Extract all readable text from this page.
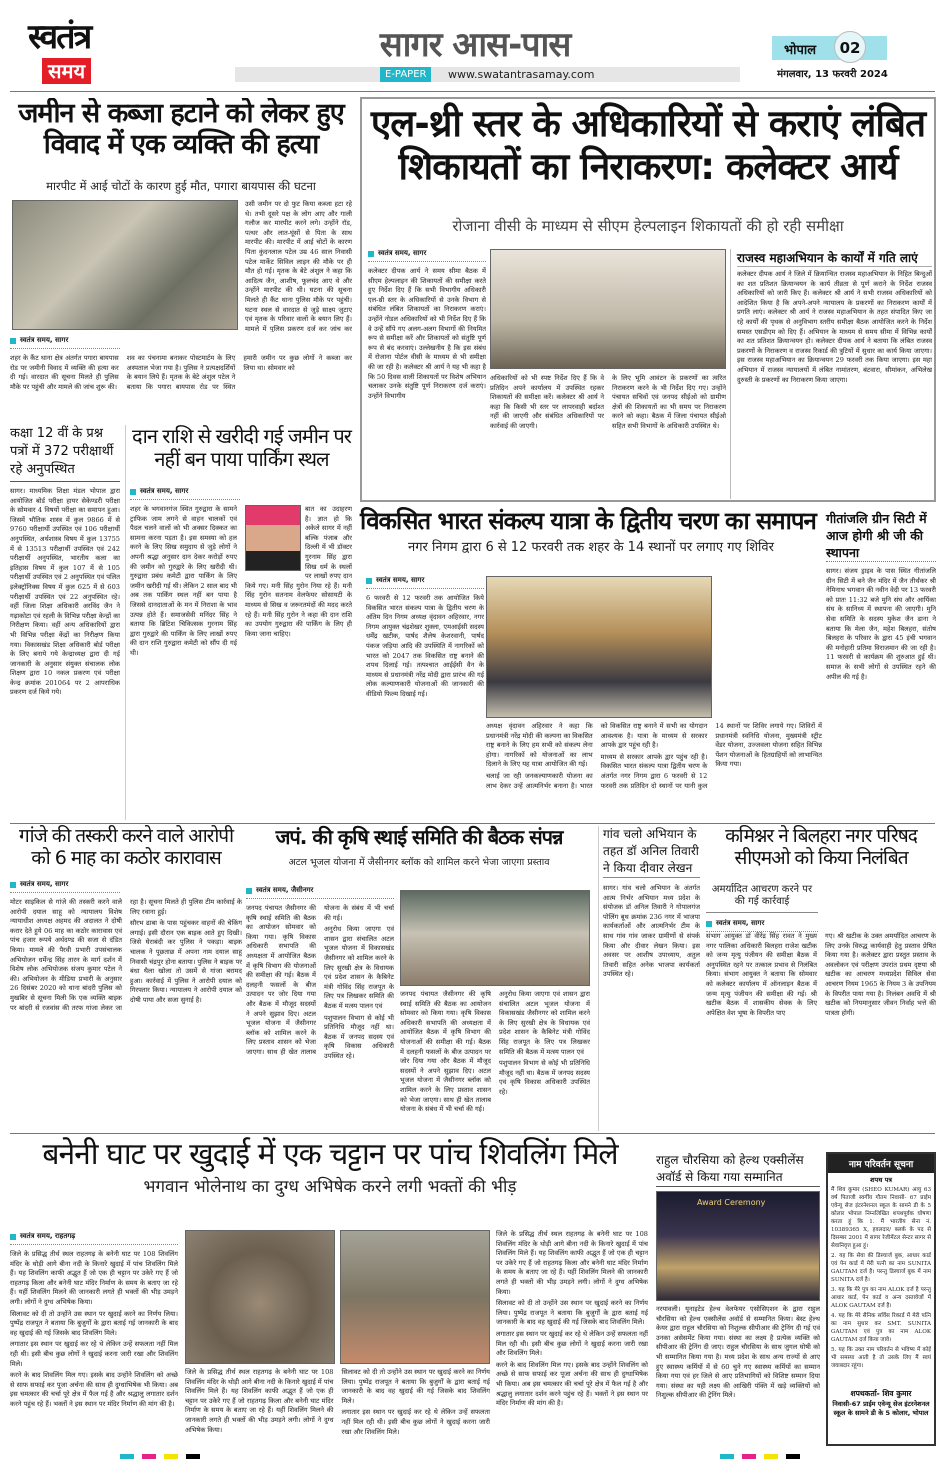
स्वतंत्र
समय
सागर आस-पास
E-PAPER	www.swatantrasamay.com
भोपाल	02
मंगलवार, 13 फरवरी 2024
जमीन से कब्जा हटाने को लेकर हुए विवाद में एक व्यक्ति की हत्या
मारपीट में आई चोटों के कारण हुई मौत, पगारा बायपास की घटना

उसी जमीन पर दो फुट किया कब्जा हटा रहे थे। तभी दूसरे पक्ष के लोग आए और गाली गलौज कर मारपीट करने लगे। उन्होंने रॉड, पत्थर और लात-घूंसों से पिता के साथ मारपीट की। मारपीट में आई चोटों के कारण पिता कुंदनलाल पटेल उम्र 46 साल निवासी पटेल मार्केट सिविल लाइन की मौके पर ही मौत हो गई। मृतक के बेटे अंशुल ने कहा कि आदित्य जैन, आशीष, फूलचंद आए थे और उन्होंने मारपीट की थी। घटना की सूचना मिलते ही कैंट थाना पुलिस मौके पर पहुंची। घटना स्थल से वारदात से जुड़े साक्ष्य जुटाए एवं मृतक के परिवार वालों के बयान लिए हैं। मामले में पुलिस प्रकरण दर्ज कर जांच कर

स्वतंत्र समय, सागर

शहर के कैंट थाना क्षेत्र अंतर्गत पगारा बायपास रोड पर जमीनी विवाद में व्यक्ति की हत्या कर दी गई। वारदात की सूचना मिलते ही पुलिस मौके पर पहुंची और मामले की जांच शुरू की।

शव का पंचनामा बनाकर पोस्टमार्टम के लिए अस्पताल भेजा गया है। पुलिस ने प्रत्यक्षदर्शियों के बयान लिये हैं। मृतक के बेटे अंशुल पटेल ने बताया कि पगारा बायपास रोड पर स्थित हमारी जमीन पर कुछ लोगों ने कब्जा कर लिया था। सोमवार को

एल-थ्री स्तर के अधिकारियों से कराएं लंबित शिकायतों का निराकरण: कलेक्टर आर्य
रोजाना वीसी के माध्यम से सीएम हेल्पलाइन शिकायतों की हो रही समीक्षा
स्वतंत्र समय, सागर

कलेक्टर दीपक आर्य ने समय सीमा बैठक में सीएम हेल्पलाइन की शिकायतों की समीक्षा करते हुए निर्देश दिए हैं कि सभी विभागीय अधिकारी एल-थ्री स्तर के अधिकारियों से उनके विभाग से संबंधित लंबित शिकायतों का निराकरण कराएं। उन्होंने नोडल अधिकारियों को भी निर्देश दिए हैं कि वे उन्हें सौंपे गए अलग-अलग विभागों की नियमित रूप से समीक्षा करें और शिकायतों को संतुष्टि पूर्ण रूप से बंद करवाएं। उल्लेखनीय है कि इस संबंध में रोजाना पोर्टल वीसी के माध्यम से भी समीक्षा की जा रही है। कलेक्टर श्री आर्य ने यह भी कहा है कि 50 दिवस वाली शिकायतों पर विशेष अभियान चलाकर उनके संतुष्टि पूर्ण निराकरण दर्ज कराएं। उन्होंने विभागीय

अधिकारियों को भी स्पष्ट निर्देश दिए हैं कि वे प्रतिदिन अपने कार्यालय में उपस्थित रहकर शिकायतों की समीक्षा करें। कलेक्टर श्री आर्य ने कहा कि किसी भी स्तर पर लापरवाही बर्दाश्त नहीं की जाएगी और संबंधित अधिकारियों पर कार्रवाई की जाएगी।

के लिए भूमि आवंटन के प्रकरणों का त्वरित निराकरण करने के भी निर्देश दिए गए। उन्होंने पंचायत सचिवों एवं जनपद सीईओ को ग्रामीण क्षेत्रों की शिकायतों का भी समय पर निराकरण करने को कहा। बैठक में जिला पंचायत सीईओ सहित सभी विभागों के अधिकारी उपस्थित थे।

राजस्व महाअभियान के कार्यों में गति लाएं

कलेक्टर दीपक आर्य ने जिले में क्रियान्वित राजस्व महाअभियान के निहित बिन्दुओं का शत प्रतिशत क्रियान्वयन के कार्य तीव्रता से पूर्ण कराने के निर्देश राजस्व अधिकारियों को जारी किए हैं। कलेक्टर श्री आर्य ने सभी राजस्व अधिकारियों को आदेशित किया है कि अपने-अपने न्यायालय के प्रकरणों का निराकरण कार्यों में प्रगति लाएं। कलेक्टर श्री आर्य ने राजस्व महाअभियान के तहत संपादित किए जा रहे कार्यों की पृथक से अनुविभाग स्तरीय समीक्षा बैठक आयोजित करने के निर्देश समस्त एसडीएम को दिए हैं। अभियान के माध्यम से समय सीमा में विभिन्न कार्यों का शत प्रतिशत क्रियान्वयन हो। कलेक्टर दीपक आर्य ने बताया कि लंबित राजस्व प्रकरणों के निराकरण व राजस्व रिकार्ड की त्रुटियों में सुधार का कार्य किया जाएगा। इस राजस्व महाअभियान का क्रियान्वयन 29 फरवरी तक किया जाएगा। इस महा अभियान में राजस्व न्यायालयों में लंबित नामांतरण, बंटवारा, सीमांकन, अभिलेख दुरुस्ती के प्रकरणों का निराकरण किया जाएगा।

कक्षा 12 वीं के प्रश्न पत्रों में 372 परीक्षार्थी रहे अनुपस्थित

सागर। माध्यमिक शिक्षा मंडल भोपाल द्वारा आयोजित बोर्ड परीक्षा हायर सेकेण्डरी परीक्षा के सोमवार 4 विषयों परीक्षा का समापन हुआ। जिसमें भौतिक शास्त्र में कुल 9866 में से 9760 परीक्षार्थी उपस्थित एवं 106 परीक्षार्थी अनुपस्थित, अर्थशास्त्र विषय में कुल 13755 में से 13513 परीक्षार्थी उपस्थित एवं 242 परीक्षार्थी अनुपस्थित, भारतीय कला का इतिहास विषय में कुल 107 में से 105 परीक्षार्थी उपस्थित एवं 2 अनुपस्थित एवं पलित इलेक्ट्रॉनिक्स विषय में कुल 625 में से 603 परीक्षार्थी उपस्थित एवं 22 अनुपस्थित रहे। वहीं जिला शिक्षा अधिकारी अरविंद जैन ने गढ़ाकोटा एवं रहली के विभिन्न परीक्षा केन्द्रों का निरीक्षण किया। वहीं अन्य अधिकारियों द्वारा भी विभिन्न परीक्षा केंद्रों का निरीक्षण किया गया। विकासखंड शिक्षा अधिकारी बोर्ड परीक्षा के लिए बनाये गये केन्द्राध्यक्ष द्वारा दी गई जानकारी के अनुसार संयुक्त संचालक लोक शिक्षण द्वारा 10 नकल प्रकरण एवं परीक्षा केन्द्र क्रमांक 201064 पर 2 आपराधिक प्रकरण दर्ज किये गये।

दान राशि से खरीदी गई जमीन पर नहीं बन पाया पार्किंग स्थल
स्वतंत्र समय, सागर

शहर के भगवानगंज स्थित गुरुद्वारा के सामने ट्राफिक जाम लगने से वाहन चालकों एवं पैदल चलने वालों को भी अक्सर दिक्कत का सामना करना पड़ता है। इस समस्या को हल करने के लिए सिख समुदाय से जुड़े लोगों ने अपनी श्रद्धा अनुसार दान देकर करोड़ों रुपए की जमीन को गुरुद्वारे के लिए खरीदी थी। गुरुद्वारा प्रबंध कमेटी द्वारा पार्किंग के लिए जमीन खरीदी गई थी। लेकिन 2 साल बाद भी अब तक पार्किंग स्थल नहीं बन पाया है जिससे दानदाताओं के मन में निराशा के भाव उत्पन्न होते हैं। समाजसेवी मनिंदर सिंह ने बताया कि ब्रिटिश चिकित्सक गुरनाम सिंह द्वारा गुरुद्वारे की पार्किंग के लिए लाखों रुपए की दान राशि गुरुद्वारा कमेटी को सौंप दी गई थी।

बात का उदाहरण है। ज्ञात हो कि अकेले सागर में नहीं बल्कि पंजाब और दिल्ली में भी डॉक्टर गुरनाम सिंह द्वारा सिख धर्म के स्थलों पर लाखों रुपए दान किये गए। मनी सिंह गुरोन निया रहे हैं। मनी सिंह गुरोन सतनाम वेलफेयर सोसायटी के माध्यम से सिख व जरूरतमंदों की मदद करते रहे हैं। मनी सिंह गुरोन ने कहा की दान राशि का उपयोग गुरुद्वारा की पार्किंग के लिए ही किया जाना चाहिए।

विकसित भारत संकल्प यात्रा के द्वितीय चरण का समापन
नगर निगम द्वारा 6 से 12 फरवरी तक शहर के 14 स्थानों पर लगाए गए शिविर
स्वतंत्र समय, सागर

6 फरवरी से 12 फरवरी तक आयोजित किये विकसित भारत संकल्प यात्रा के द्वितीय चरण के अंतिम दिन निगम अध्यक्ष वृंदावन अहिरवार, नगर निगम आयुक्त चंद्रशेखर शुक्ला, एमआईसी सदस्य धर्मेंद्र खटीक, पार्षद शैलेष केशरवानी, पार्षद पंकज जड़िया आदि की उपस्थिति में नागरिकों को भारत को 2047 तक विकसित राष्ट्र बनाने की शपथ दिलाई गई। तत्पश्चात आईईसी वैन के माध्यम से प्रधानमंत्री नरेंद्र मोदी द्वारा प्रारंभ की गई लोक कल्याणकारी योजनाओं की जानकारी की वीडियो फिल्म दिखाई गई।

अध्यक्ष वृंदावन अहिरवार ने कहा कि प्रधानमंत्री नरेंद्र मोदी की कल्पना का विकसित राष्ट्र बनाने के लिए हम सभी को संकल्प लेना होगा। नागरिकों को योजनाओं का लाभ दिलाने के लिए यह यात्रा आयोजित की गई।

चलाई जा रही जनकल्याणकारी योजना का लाभ देकर उन्हें आत्मनिर्भर बनाना है। भारत को विकसित राष्ट्र बनाने में सभी का योगदान आवश्यक है। यात्रा के माध्यम से सरकार आपके द्वार पहुंच रही है।

माध्यम से सरकार आपके द्वार पहुंच रही है। विकसित भारत संकल्प यात्रा द्वितीय चरण के अंतर्गत नगर निगम द्वारा 6 फरवरी से 12 फरवरी तक प्रतिदिन दो स्थानों पर यानी कुल 14 स्थानों पर शिविर लगाये गए। शिविरों में प्रधानमंत्री स्वनिधि योजना, मुख्यमंत्री स्ट्रीट वेंडर योजना, उज्जवला योजना सहित विभिन्न पेंशन योजनाओं के हितग्राहियों को लाभान्वित किया गया।

गीतांजलि ग्रीन सिटी में आज होगी श्री जी की स्थापना

सागर। संजय ड्राइव के पास स्थित गीतांजलि ग्रीन सिटी में बने जैन मंदिर में जैन तीर्थंकर श्री नेमिनाथ भगवान की नवीन वेदी पर 13 फरवरी को प्रातः 11:32 बजे मुनि संघ और आर्यिका संघ के सानिध्य में स्थापना की जाएगी। मुनि सेवा समिति के सदस्य मुकेश जैन ढाना ने बताया कि मेला जैन, महेश बिलहरा, संतोष बिलहरा के परिवार के द्वारा 45 इंची भगवान की मनोहारी प्रतिमा विराजमान की जा रही है। 11 फरवरी से कार्यक्रम की शुरुआत हुई थी। समाज के सभी लोगों से उपस्थित रहने की अपील की गई है।

गांजे की तस्करी करने वाले आरोपी को 6 माह का कठोर कारावास
स्वतंत्र समय, सागर

मोटर साइकिल से गांजे की तस्करी करने वाले आरोपी दयाल साहू को न्यायालय विशेष न्यायाधीश अध्यक्ष अहमद की अदालत ने दोषी करार देते हुये 06 माह का कठोर कारावास एवं पांच हजार रूपये अर्थदण्ड की सजा से दंडित किया। मामले की पैरवी प्रभारी उपसंचालक अभियोजन धर्मेन्द्र सिंह तारन के मार्ग दर्शन में विशेष लोक अभियोजक संजय कुमार पटेल ने की। अभियोजन के मीडिया प्रभारी के अनुसार 26 दिसंबर 2020 को थाना बांदरी पुलिस को मुखबिर से सूचना मिली कि एक व्यक्ति बाइक पर बांदरी से रजवांस की तरफ गांजा लेकर जा रहा है। सूचना मिलते ही पुलिस टीम कार्रवाई के लिए रवाना हुई।

सौरभ ढाबा के पास पहुंचकर वाहनों की चेकिंग लगाई। इसी दौरान एक बाइक आते हुए दिखी। जिसे घेराबंदी कर पुलिस ने पकड़ा। बाइक चालक ने पूछताछ में अपना नाम दयाल साहू निवासी चंद्रपुर होना बताया। पुलिस ने बाइक पर बंधा थैला खोला तो उसमें से गांजा बरामद हुआ। कार्रवाई में पुलिस ने आरोपी दयाल को गिरफ्तार किया। न्यायालय ने आरोपी दयाल को दोषी पाया और सजा सुनाई है।

जपं. की कृषि स्थाई समिति की बैठक संपन्न
अटल भूजल योजना में जैसीनगर ब्लॉक को शामिल करने भेजा जाएगा प्रस्ताव
स्वतंत्र समय, जैसीनगर

जनपद पंचायत जैसीनगर की कृषि स्थाई समिति की बैठक का आयोजन सोमवार को किया गया। कृषि विकास अधिकारी सभापति की अध्यक्षता में आयोजित बैठक में कृषि विभाग की योजनाओं की समीक्षा की गई। बैठक में दलहनी फसलों के बीज उत्पादन पर जोर दिया गया और बैठक में मौजूद सदस्यों ने अपने सुझाव दिए। अटल भूजल योजना में जैसीनगर ब्लॉक को शामिल करने के लिए प्रस्ताव शासन को भेजा जाएगा। साथ ही खेत तालाब योजना के संबंध में भी चर्चा की गई।

अनुरोध किया जाएगा एवं शासन द्वारा संचालित अटल भूजल योजना में विकासखंड जैसीनगर को शामिल करने के लिए सुरखी क्षेत्र के विधायक एवं प्रदेश शासन के कैबिनेट मंत्री गोविंद सिंह राजपूत के लिए पत्र लिखकर समिति की बैठक में मत्स्य पालन एवं

पशुपालन विभाग से कोई भी प्रतिनिधि मौजूद नहीं था। बैठक में जनपद सदस्य एवं कृषि विकास अधिकारी उपस्थित रहे।

जनपद पंचायत जैसीनगर की कृषि स्थाई समिति की बैठक का आयोजन सोमवार को किया गया। कृषि विकास अधिकारी सभापति की अध्यक्षता में आयोजित बैठक में कृषि विभाग की योजनाओं की समीक्षा की गई। बैठक में दलहनी फसलों के बीज उत्पादन पर जोर दिया गया और बैठक में मौजूद सदस्यों ने अपने सुझाव दिए। अटल भूजल योजना में जैसीनगर ब्लॉक को शामिल करने के लिए प्रस्ताव शासन को भेजा जाएगा। साथ ही खेत तालाब योजना के संबंध में भी चर्चा की गई।

अनुरोध किया जाएगा एवं शासन द्वारा संचालित अटल भूजल योजना में विकासखंड जैसीनगर को शामिल करने के लिए सुरखी क्षेत्र के विधायक एवं प्रदेश शासन के कैबिनेट मंत्री गोविंद सिंह राजपूत के लिए पत्र लिखकर समिति की बैठक में मत्स्य पालन एवं

पशुपालन विभाग से कोई भी प्रतिनिधि मौजूद नहीं था। बैठक में जनपद सदस्य एवं कृषि विकास अधिकारी उपस्थित रहे।

गांव चलो अभियान के तहत डॉ अनिल तिवारी ने किया दीवार लेखन

सागर। गांव चलो अभियान के अंतर्गत आत्म निर्भर अभियान मध्य प्रदेश के संयोजक डॉ अनिल तिवारी ने गोपालगंज पोलिंग बूथ क्रमांक 236 नगर में भाजपा कार्यकर्ताओं और आत्मनिर्भर टीम के साथ गांव गांव जाकर ग्रामीणों से संपर्क किया और दीवार लेखन किया। इस अवसर पर आशीष उपाध्याय, अतुल तिवारी सहित अनेक भाजपा कार्यकर्ता उपस्थित रहे।

कमिश्नर ने बिलहरा नगर परिषद सीएमओ को किया निलंबित
अमर्यादित आचरण करने पर की गई कार्रवाई
स्वतंत्र समय, सागर

संभाग आयुक्त डॉ वीरेंद्र सिंह रावत ने मुख्य नगर पालिका अधिकारी बिलहरा राजेश खटीक को जन्म मृत्यु पंजीयन की समीक्षा बैठक में अनुपस्थित रहने पर तत्काल प्रभाव से निलंबित किया। संभाग आयुक्त ने बताया कि सोमवार को कलेक्टर कार्यालय में ऑनलाइन बैठक में जन्म मृत्यु पंजीयन की समीक्षा की गई। श्री खटीक बैठक में शासकीय सेवक के लिए अपेक्षित वेश भूषा के विपरीत पाए

गए। श्री खटीक के उक्त अमर्यादित आचरण के लिए उनके विरुद्ध कार्यवाही हेतु प्रस्ताव प्रेषित किया गया है। कलेक्टर द्वारा प्रस्तुत प्रस्ताव के अवलोकन एवं परीक्षण उपरांत प्रथम दृष्टया श्री खटीक का आचरण मध्यप्रदेश सिविल सेवा आचरण नियम 1965 के नियम 3 के उपनियम के विपरीत पाया गया है। निलंबन अवधि में श्री खटीक को नियमानुसार जीवन निर्वाह भत्ते की पात्रता होगी।

बनेनी घाट पर खुदाई में एक चट्टान पर पांच शिवलिंग मिले
भगवान भोलेनाथ का दुग्ध अभिषेक करने लगी भक्तों की भीड़
स्वतंत्र समय, राहतगढ़

जिले के प्रसिद्ध तीर्थ स्थल राहतगढ़ के बनेनी घाट पर 108 शिवलिंग मंदिर के थोड़ी आगे बीना नदी के किनारे खुदाई में पांच शिवलिंग मिले हैं। यह शिवलिंग काफी अद्भुत हैं जो एक ही चट्टान पर उकेरे गए हैं जो राहतगढ़ किला और बनेनी घाट मंदिर निर्माण के समय के बताए जा रहे हैं। यहीं शिवलिंग मिलने की जानकारी लगते ही भक्तों की भीड़ उमड़ने लगी। लोगों ने दुग्ध अभिषेक किया।

सिलावट को दी तो उन्होंने उस स्थान पर खुदाई करने का निर्णय लिया। पुष्पेंद्र राजपूत ने बताया कि बुजुर्गों के द्वारा बताई गई जानकारी के बाद वह खुदाई की गई जिसके बाद शिवलिंग मिले।

लगातार इस स्थान पर खुदाई कर रहे थे लेकिन उन्हें सफलता नहीं मिल रही थी। इसी बीच कुछ लोगों ने खुदाई करना जारी रखा और शिवलिंग मिले।

करने के बाद शिवलिंग मिल गए। इसके बाद उन्होंने शिवलिंग को अच्छे से साफ सफाई कर पूजा अर्चना की साथ ही दुग्धाभिषेक भी किया। अब इस चमत्कार की चर्चा पूरे क्षेत्र में फैल गई है और श्रद्धालु लगातार दर्शन करने पहुंच रहे हैं। भक्तों ने इस स्थान पर मंदिर निर्माण की मांग की है।

जिले के प्रसिद्ध तीर्थ स्थल राहतगढ़ के बनेनी घाट पर 108 शिवलिंग मंदिर के थोड़ी आगे बीना नदी के किनारे खुदाई में पांच शिवलिंग मिले हैं। यह शिवलिंग काफी अद्भुत हैं जो एक ही चट्टान पर उकेरे गए हैं जो राहतगढ़ किला और बनेनी घाट मंदिर निर्माण के समय के बताए जा रहे हैं। यहीं शिवलिंग मिलने की जानकारी लगते ही भक्तों की भीड़ उमड़ने लगी। लोगों ने दुग्ध अभिषेक किया।

सिलावट को दी तो उन्होंने उस स्थान पर खुदाई करने का निर्णय लिया। पुष्पेंद्र राजपूत ने बताया कि बुजुर्गों के द्वारा बताई गई जानकारी के बाद वह खुदाई की गई जिसके बाद शिवलिंग मिले।

लगातार इस स्थान पर खुदाई कर रहे थे लेकिन उन्हें सफलता नहीं मिल रही थी। इसी बीच कुछ लोगों ने खुदाई करना जारी रखा और शिवलिंग मिले।

जिले के प्रसिद्ध तीर्थ स्थल राहतगढ़ के बनेनी घाट पर 108 शिवलिंग मंदिर के थोड़ी आगे बीना नदी के किनारे खुदाई में पांच शिवलिंग मिले हैं। यह शिवलिंग काफी अद्भुत हैं जो एक ही चट्टान पर उकेरे गए हैं जो राहतगढ़ किला और बनेनी घाट मंदिर निर्माण के समय के बताए जा रहे हैं। यहीं शिवलिंग मिलने की जानकारी लगते ही भक्तों की भीड़ उमड़ने लगी। लोगों ने दुग्ध अभिषेक किया।

सिलावट को दी तो उन्होंने उस स्थान पर खुदाई करने का निर्णय लिया। पुष्पेंद्र राजपूत ने बताया कि बुजुर्गों के द्वारा बताई गई जानकारी के बाद वह खुदाई की गई जिसके बाद शिवलिंग मिले।

लगातार इस स्थान पर खुदाई कर रहे थे लेकिन उन्हें सफलता नहीं मिल रही थी। इसी बीच कुछ लोगों ने खुदाई करना जारी रखा और शिवलिंग मिले।

करने के बाद शिवलिंग मिल गए। इसके बाद उन्होंने शिवलिंग को अच्छे से साफ सफाई कर पूजा अर्चना की साथ ही दुग्धाभिषेक भी किया। अब इस चमत्कार की चर्चा पूरे क्षेत्र में फैल गई है और श्रद्धालु लगातार दर्शन करने पहुंच रहे हैं। भक्तों ने इस स्थान पर मंदिर निर्माण की मांग की है।

राहुल चौरसिया को हेल्थ एक्सीलेंस अवॉर्ड से किया गया सम्मानित
Award Ceremony

नरयावली। यूनाइटेड हेल्थ वेलफेयर एसोसिएशन के द्वारा राहुल चौरसिया को हेल्थ एक्सीलेंस अवॉर्ड से सम्मानित किया। बेस्ट हेल्थ केयर द्वारा राहुल चौरसिया को निशुल्क सीपीआर की ट्रेनिंग दी गई एवं उनका असेसमेंट किया गया। संस्था का लक्ष्य है प्रत्येक व्यक्ति को सीपीआर की ट्रेनिंग दी जाए। राहुल चौरसिया के साथ जुगल घोषी को भी सम्मानित किया गया है। मध्य प्रदेश के साथ अन्य राज्यों से आए हुए स्वास्थ्य कर्मियों में से 60 चुने गए स्वास्थ्य कर्मियों का सम्मान किया गया एवं हर जिले से आए प्रतिभागियों को विशिष्ट सम्मान दिया गया। संस्था का यही लक्ष्य की आखिरी पंक्ति में खड़े व्यक्तियों को निशुल्क सीपीआर की ट्रेनिंग मिले।

नाम परिवर्तन सूचना
शपथ पत्र

मैं शिव कुमार (SHEO KUMAR) आयु 63 वर्ष पिताजी स्वर्गीय गौतम निवासी- 67 प्राईम एवेन्यू सेज इंटरनेशनल स्कूल के सामने डी के 5 कोलार भोपाल निम्नलिखित शपथपूर्वक घोषणा करता हूं कि 1. मैं भारतीय सेना नं. 10389365 X, हवलदार/ क्लर्क के पद से दिसम्बर 2001 में सागर रेजीमेंटल सेन्टर सागर से सेवानिवृत्त हुआ हूं।

2. यह कि सेवा की डिस्चार्ज बुक, आधार कार्ड एवं पेन कार्ड में मेरी पत्नी का नाम SUNITA GAUTAM दर्ज है। परन्तु डिस्चार्ज बुक में नाम SUNITA दर्ज है।

3. यह कि मेरे पुत्र का नाम ALOK दर्ज है परन्तु आधार कार्ड, पेन कार्ड व अन्य दस्तावेजों में ALOK GAUTAM दर्ज है।

4. यह कि मेरे सैनिक सर्विस रिकार्ड में मेरी पत्नि का नाम सुधार कर SMT. SUNITA GAUTAM एवं पुत्र का नाम ALOK GAUTAM दर्ज किया जावे।

5. यह कि उक्त नाम परिवर्तन से भविष्य में कोई भी समस्या आती है तो उसके लिए मैं स्वयं जवाबदार रहूंगा।

शपथकर्ता- शिव कुमार
निवासी-67 प्राईम एवेन्यू सेज इंटरनेशनल स्कूल के सामने डी के 5 कोलार, भोपाल
